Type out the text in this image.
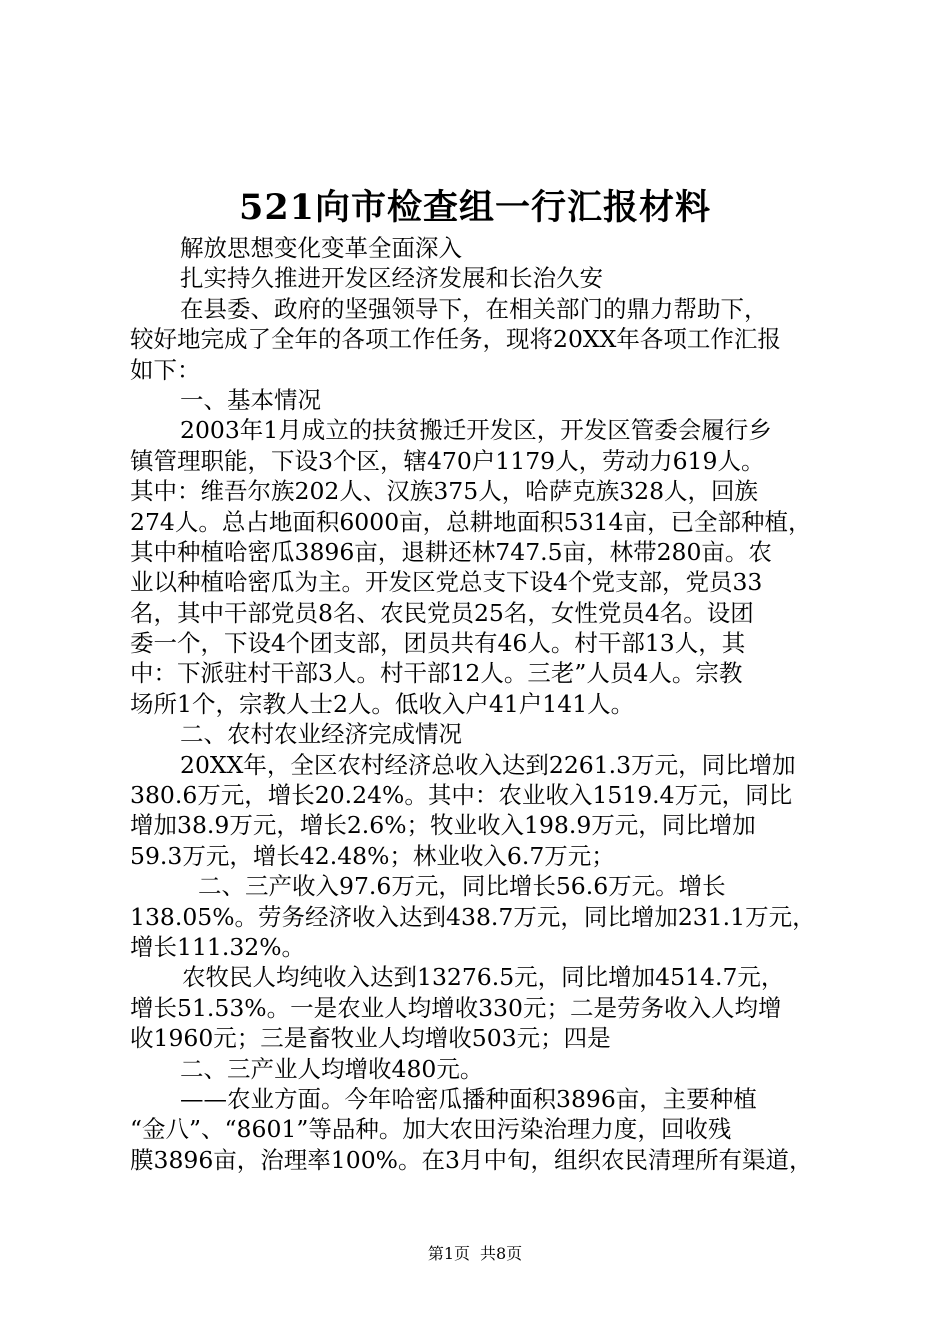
521向市检查组一行汇报材料
解放思想变化变革全面深入
扎实持久推进开发区经济发展和长治久安
在县委、政府的坚强领导下，在相关部门的鼎力帮助下，
较好地完成了全年的各项工作任务，现将20XX年各项工作汇报
如下：
一、基本情况
2003年1月成立的扶贫搬迁开发区，开发区管委会履行乡
镇管理职能，下设3个区，辖470户1179人，劳动力619人。
其中：维吾尔族202人、汉族375人，哈萨克族328人，回族
274人。总占地面积6000亩，总耕地面积5314亩，已全部种植，
其中种植哈密瓜3896亩，退耕还林747.5亩，林带280亩。农
业以种植哈密瓜为主。开发区党总支下设4个党支部，党员33
名，其中干部党员8名、农民党员25名，女性党员4名。设团
委一个，下设4个团支部，团员共有46人。村干部13人，其
中：下派驻村干部3人。村干部12人。三老”人员4人。宗教
场所1个，宗教人士2人。低收入户41户141人。
二、农村农业经济完成情况
20XX年，全区农村经济总收入达到2261.3万元，同比增加
380.6万元，增长20.24%。其中：农业收入1519.4万元，同比
增加38.9万元，增长2.6%；牧业收入198.9万元，同比增加
59.3万元，增长42.48%；林业收入6.7万元；
二、三产收入97.6万元，同比增长56.6万元。增长
138.05%。劳务经济收入达到438.7万元，同比增加231.1万元，
增长111.32%。
农牧民人均纯收入达到13276.5元，同比增加4514.7元，
增长51.53%。一是农业人均增收330元；二是劳务收入人均增
收1960元；三是畜牧业人均增收503元；四是
二、三产业人均增收480元。
——农业方面。今年哈密瓜播种面积3896亩，主要种植
“金八”、“8601”等品种。加大农田污染治理力度，回收残
膜3896亩，治理率100%。在3月中旬，组织农民清理所有渠道，
第1页 共8页
